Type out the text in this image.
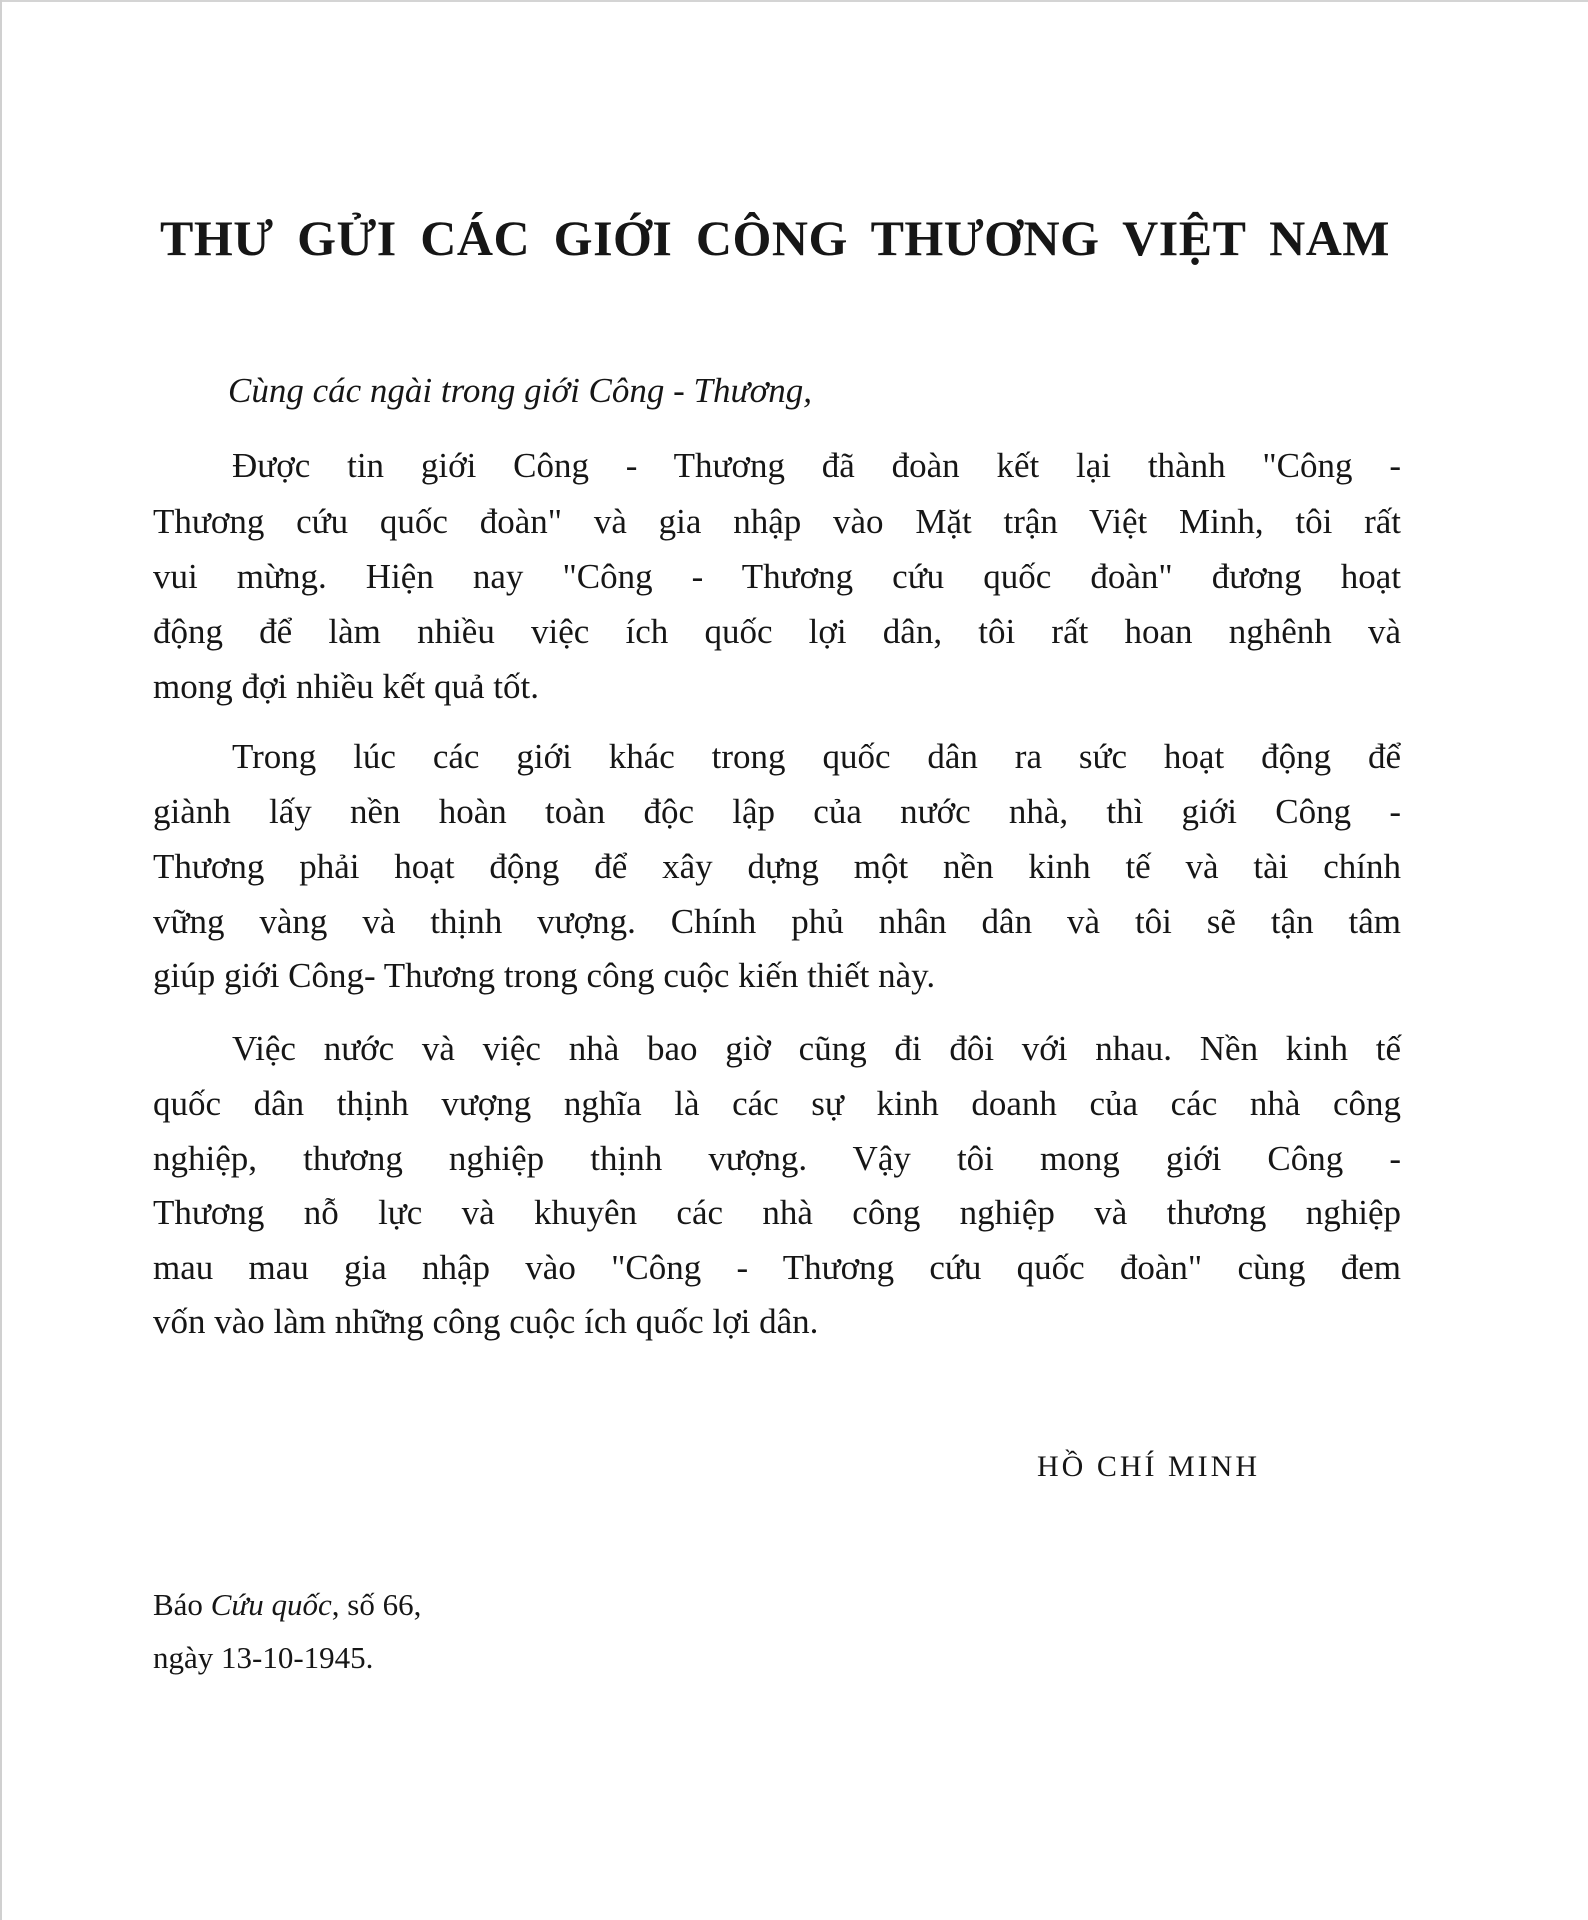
THƯ GỬI CÁC GIỚI CÔNG THƯƠNG VIỆT NAM
Cùng các ngài trong giới Công - Thương,
Được tin giới Công - Thương đã đoàn kết lại thành "Công -
Thương cứu quốc đoàn" và gia nhập vào Mặt trận Việt Minh, tôi rất
vui mừng. Hiện nay "Công - Thương cứu quốc đoàn" đương hoạt
động để làm nhiều việc ích quốc lợi dân, tôi rất hoan nghênh và
mong đợi nhiều kết quả tốt.
Trong lúc các giới khác trong quốc dân ra sức hoạt động để
giành lấy nền hoàn toàn độc lập của nước nhà, thì giới Công -
Thương phải hoạt động để xây dựng một nền kinh tế và tài chính
vững vàng và thịnh vượng. Chính phủ nhân dân và tôi sẽ tận tâm
giúp giới Công- Thương trong công cuộc kiến thiết này.
Việc nước và việc nhà bao giờ cũng đi đôi với nhau. Nền kinh tế
quốc dân thịnh vượng nghĩa là các sự kinh doanh của các nhà công
nghiệp, thương nghiệp thịnh vượng. Vậy tôi mong giới Công -
Thương nỗ lực và khuyên các nhà công nghiệp và thương nghiệp
mau mau gia nhập vào "Công - Thương cứu quốc đoàn" cùng đem
vốn vào làm những công cuộc ích quốc lợi dân.
HỒ CHÍ MINH
Báo Cứu quốc, số 66,
ngày 13-10-1945.
